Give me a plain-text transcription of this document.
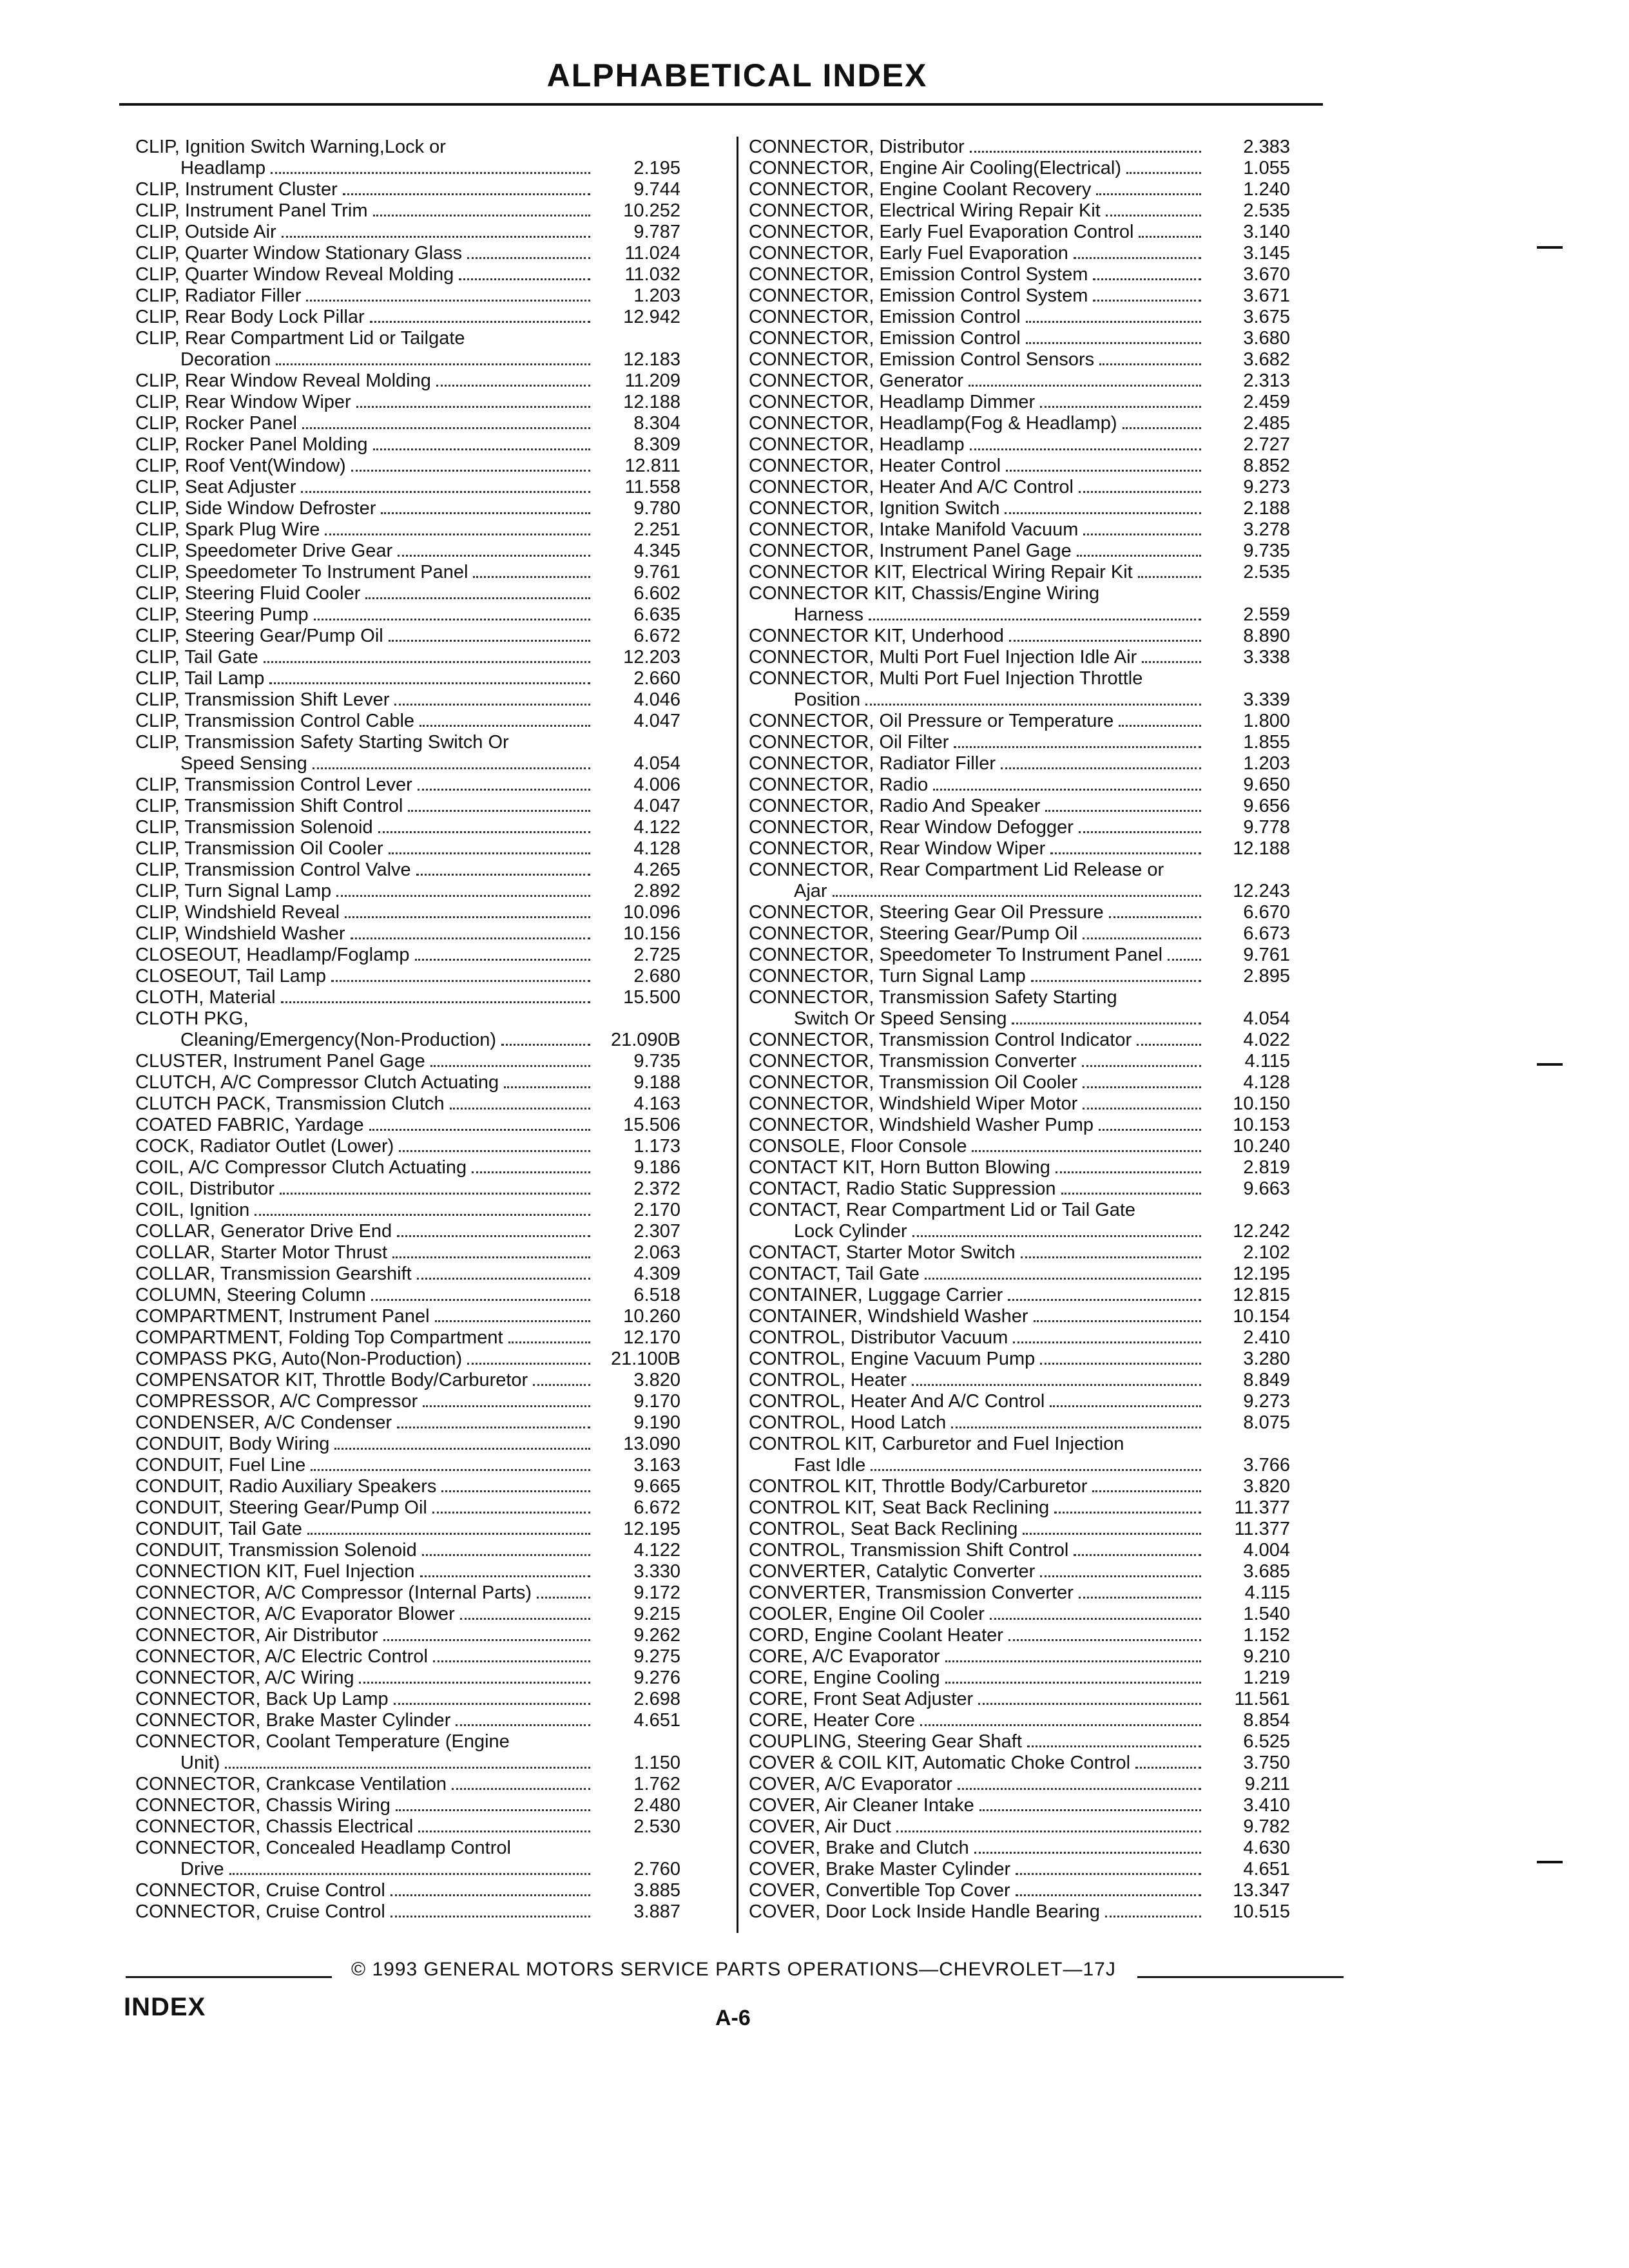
ALPHABETICAL INDEX
CLIP, Ignition Switch Warning,Lock or
Headlamp	2.195
CLIP, Instrument Cluster	9.744
CLIP, Instrument Panel Trim	10.252
CLIP, Outside Air	9.787
CLIP, Quarter Window Stationary Glass	11.024
CLIP, Quarter Window Reveal Molding	11.032
CLIP, Radiator Filler	1.203
CLIP, Rear Body Lock Pillar	12.942
CLIP, Rear Compartment Lid or Tailgate
Decoration	12.183
CLIP, Rear Window Reveal Molding	11.209
CLIP, Rear Window Wiper	12.188
CLIP, Rocker Panel	8.304
CLIP, Rocker Panel Molding	8.309
CLIP, Roof Vent(Window)	12.811
CLIP, Seat Adjuster	11.558
CLIP, Side Window Defroster	9.780
CLIP, Spark Plug Wire	2.251
CLIP, Speedometer Drive Gear	4.345
CLIP, Speedometer To Instrument Panel	9.761
CLIP, Steering Fluid Cooler	6.602
CLIP, Steering Pump	6.635
CLIP, Steering Gear/Pump Oil	6.672
CLIP, Tail Gate	12.203
CLIP, Tail Lamp	2.660
CLIP, Transmission Shift Lever	4.046
CLIP, Transmission Control Cable	4.047
CLIP, Transmission Safety Starting Switch Or
Speed Sensing	4.054
CLIP, Transmission Control Lever	4.006
CLIP, Transmission Shift Control	4.047
CLIP, Transmission Solenoid	4.122
CLIP, Transmission Oil Cooler	4.128
CLIP, Transmission Control Valve	4.265
CLIP, Turn Signal Lamp	2.892
CLIP, Windshield Reveal	10.096
CLIP, Windshield Washer	10.156
CLOSEOUT, Headlamp/Foglamp	2.725
CLOSEOUT, Tail Lamp	2.680
CLOTH, Material	15.500
CLOTH PKG,
Cleaning/Emergency(Non-Production)	21.090B
CLUSTER, Instrument Panel Gage	9.735
CLUTCH, A/C Compressor Clutch Actuating	9.188
CLUTCH PACK, Transmission Clutch	4.163
COATED FABRIC, Yardage	15.506
COCK, Radiator Outlet (Lower)	1.173
COIL, A/C Compressor Clutch Actuating	9.186
COIL, Distributor	2.372
COIL, Ignition	2.170
COLLAR, Generator Drive End	2.307
COLLAR, Starter Motor Thrust	2.063
COLLAR, Transmission Gearshift	4.309
COLUMN, Steering Column	6.518
COMPARTMENT, Instrument Panel	10.260
COMPARTMENT, Folding Top Compartment	12.170
COMPASS PKG, Auto(Non-Production)	21.100B
COMPENSATOR KIT, Throttle Body/Carburetor	3.820
COMPRESSOR, A/C Compressor	9.170
CONDENSER, A/C Condenser	9.190
CONDUIT, Body Wiring	13.090
CONDUIT, Fuel Line	3.163
CONDUIT, Radio Auxiliary Speakers	9.665
CONDUIT, Steering Gear/Pump Oil	6.672
CONDUIT, Tail Gate	12.195
CONDUIT, Transmission Solenoid	4.122
CONNECTION KIT, Fuel Injection	3.330
CONNECTOR, A/C Compressor (Internal Parts)	9.172
CONNECTOR, A/C Evaporator Blower	9.215
CONNECTOR, Air Distributor	9.262
CONNECTOR, A/C Electric Control	9.275
CONNECTOR, A/C Wiring	9.276
CONNECTOR, Back Up Lamp	2.698
CONNECTOR, Brake Master Cylinder	4.651
CONNECTOR, Coolant Temperature (Engine
Unit)	1.150
CONNECTOR, Crankcase Ventilation	1.762
CONNECTOR, Chassis Wiring	2.480
CONNECTOR, Chassis Electrical	2.530
CONNECTOR, Concealed Headlamp Control
Drive	2.760
CONNECTOR, Cruise Control	3.885
CONNECTOR, Cruise Control	3.887
CONNECTOR, Distributor	2.383
CONNECTOR, Engine Air Cooling(Electrical)	1.055
CONNECTOR, Engine Coolant Recovery	1.240
CONNECTOR, Electrical Wiring Repair Kit	2.535
CONNECTOR, Early Fuel Evaporation Control	3.140
CONNECTOR, Early Fuel Evaporation	3.145
CONNECTOR, Emission Control System	3.670
CONNECTOR, Emission Control System	3.671
CONNECTOR, Emission Control	3.675
CONNECTOR, Emission Control	3.680
CONNECTOR, Emission Control Sensors	3.682
CONNECTOR, Generator	2.313
CONNECTOR, Headlamp Dimmer	2.459
CONNECTOR, Headlamp(Fog & Headlamp)	2.485
CONNECTOR, Headlamp	2.727
CONNECTOR, Heater Control	8.852
CONNECTOR, Heater And A/C Control	9.273
CONNECTOR, Ignition Switch	2.188
CONNECTOR, Intake Manifold Vacuum	3.278
CONNECTOR, Instrument Panel Gage	9.735
CONNECTOR KIT, Electrical Wiring Repair Kit	2.535
CONNECTOR KIT, Chassis/Engine Wiring
Harness	2.559
CONNECTOR KIT, Underhood	8.890
CONNECTOR, Multi Port Fuel Injection Idle Air	3.338
CONNECTOR, Multi Port Fuel Injection Throttle
Position	3.339
CONNECTOR, Oil Pressure or Temperature	1.800
CONNECTOR, Oil Filter	1.855
CONNECTOR, Radiator Filler	1.203
CONNECTOR, Radio	9.650
CONNECTOR, Radio And Speaker	9.656
CONNECTOR, Rear Window Defogger	9.778
CONNECTOR, Rear Window Wiper	12.188
CONNECTOR, Rear Compartment Lid Release or
Ajar	12.243
CONNECTOR, Steering Gear Oil Pressure	6.670
CONNECTOR, Steering Gear/Pump Oil	6.673
CONNECTOR, Speedometer To Instrument Panel	9.761
CONNECTOR, Turn Signal Lamp	2.895
CONNECTOR, Transmission Safety Starting
Switch Or Speed Sensing	4.054
CONNECTOR, Transmission Control Indicator	4.022
CONNECTOR, Transmission Converter	4.115
CONNECTOR, Transmission Oil Cooler	4.128
CONNECTOR, Windshield Wiper Motor	10.150
CONNECTOR, Windshield Washer Pump	10.153
CONSOLE, Floor Console	10.240
CONTACT KIT, Horn Button Blowing	2.819
CONTACT, Radio Static Suppression	9.663
CONTACT, Rear Compartment Lid or Tail Gate
Lock Cylinder	12.242
CONTACT, Starter Motor Switch	2.102
CONTACT, Tail Gate	12.195
CONTAINER, Luggage Carrier	12.815
CONTAINER, Windshield Washer	10.154
CONTROL, Distributor Vacuum	2.410
CONTROL, Engine Vacuum Pump	3.280
CONTROL, Heater	8.849
CONTROL, Heater And A/C Control	9.273
CONTROL, Hood Latch	8.075
CONTROL KIT, Carburetor and Fuel Injection
Fast Idle	3.766
CONTROL KIT, Throttle Body/Carburetor	3.820
CONTROL KIT, Seat Back Reclining	11.377
CONTROL, Seat Back Reclining	11.377
CONTROL, Transmission Shift Control	4.004
CONVERTER, Catalytic Converter	3.685
CONVERTER, Transmission Converter	4.115
COOLER, Engine Oil Cooler	1.540
CORD, Engine Coolant Heater	1.152
CORE, A/C Evaporator	9.210
CORE, Engine Cooling	1.219
CORE, Front Seat Adjuster	11.561
CORE, Heater Core	8.854
COUPLING, Steering Gear Shaft	6.525
COVER & COIL KIT, Automatic Choke Control	3.750
COVER, A/C Evaporator	9.211
COVER, Air Cleaner Intake	3.410
COVER, Air Duct	9.782
COVER, Brake and Clutch	4.630
COVER, Brake Master Cylinder	4.651
COVER, Convertible Top Cover	13.347
COVER, Door Lock Inside Handle Bearing	10.515
© 1993 GENERAL MOTORS SERVICE PARTS OPERATIONS—CHEVROLET—17J
INDEX	A-6
